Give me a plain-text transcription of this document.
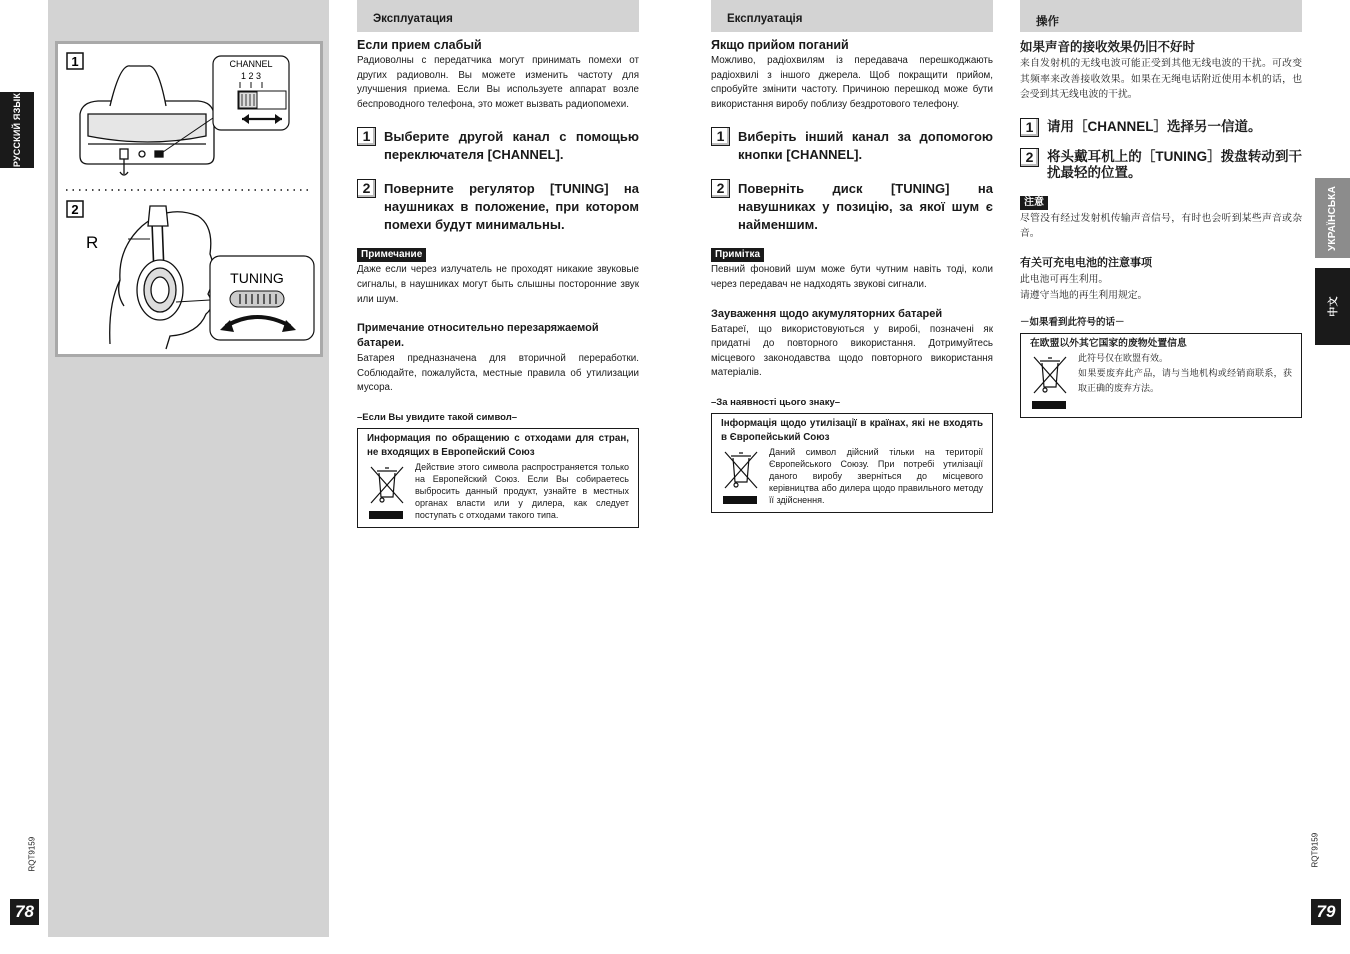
РУССКИЙ ЯЗЫК
RQT9159
78
1	CHANNEL
1 2 3
2
R
TUNING
Эксплуатация
Если прием слабый
Радиоволны с передатчика могут принимать помехи от других радиоволн. Вы можете изменить частоту для улучшения приема. Если Вы используете аппарат возле беспроводного телефона, это может вызвать радиопомехи.
1	Выберите другой канал с помощью переключателя [CHANNEL].
2	Поверните регулятор [TUNING] на наушниках в положение, при котором помехи будут минимальны.
Примечание
Даже если через излучатель не проходят никакие звуковые сигналы, в наушниках могут быть слышны посторонние звук или шум.
Примечание относительно перезаряжаемой батареи.
Батарея предназначена для вторичной переработки. Соблюдайте, пожалуйста, местные правила об утилизации мусора.
–Если Вы увидите такой символ–
Информация по обращению с отходами для стран, не входящих в Европейский Союз
Действие этого символа распространяется только на Европейский Союз. Если Вы собираетесь выбросить данный продукт, узнайте в местных органах власти или у дилера, как следует поступать с отходами такого типа.
Експлуатація
Якщо прийом поганий
Можливо, радіохвилям із передавача перешкоджають радіохвилі з іншого джерела. Щоб покращити прийом, спробуйте змінити частоту. Причиною перешкод може бути використання виробу поблизу бездротового телефону.
1	Виберіть інший канал за допомогою кнопки [CHANNEL].
2	Поверніть диск [TUNING] на навушниках у позицію, за якої шум є найменшим.
Примітка
Певний фоновий шум може бути чутним навіть тоді, коли через передавач не надходять звукові сигнали.
Зауваження щодо акумуляторних батарей
Батареї, що використовуються у виробі, позначені як придатні до повторного використання. Дотримуйтесь місцевого законодавства щодо повторного використання матеріалів.
–За наявності цього знаку–
Інформація щодо утилізації в країнах, які не входять в Європейський Союз
Даний символ дійсний тільки на території Європейського Союзу. При потребі утилізації даного виробу зверніться до місцевого керівництва або дилера щодо правильного методу її здійснення.
操作
如果声音的接收效果仍旧不好时
来自发射机的无线电波可能正受到其他无线电波的干扰。可改变其频率来改善接收效果。如果在无绳电话附近使用本机的话，也会受到其无线电波的干扰。
1	请用［CHANNEL］选择另一信道。
2	将头戴耳机上的［TUNING］拨盘转动到干扰最轻的位置。
注意
尽管没有经过发射机传输声音信号，有时也会听到某些声音或杂音。
有关可充电电池的注意事项
此电池可再生利用。
请遵守当地的再生利用规定。
－如果看到此符号的话－
在欧盟以外其它国家的废物处置信息
此符号仅在欧盟有效。
如果要废弃此产品，请与当地机构或经销商联系，获取正确的废弃方法。
УКРАЇНСЬКА
中文
RQT9159
79
